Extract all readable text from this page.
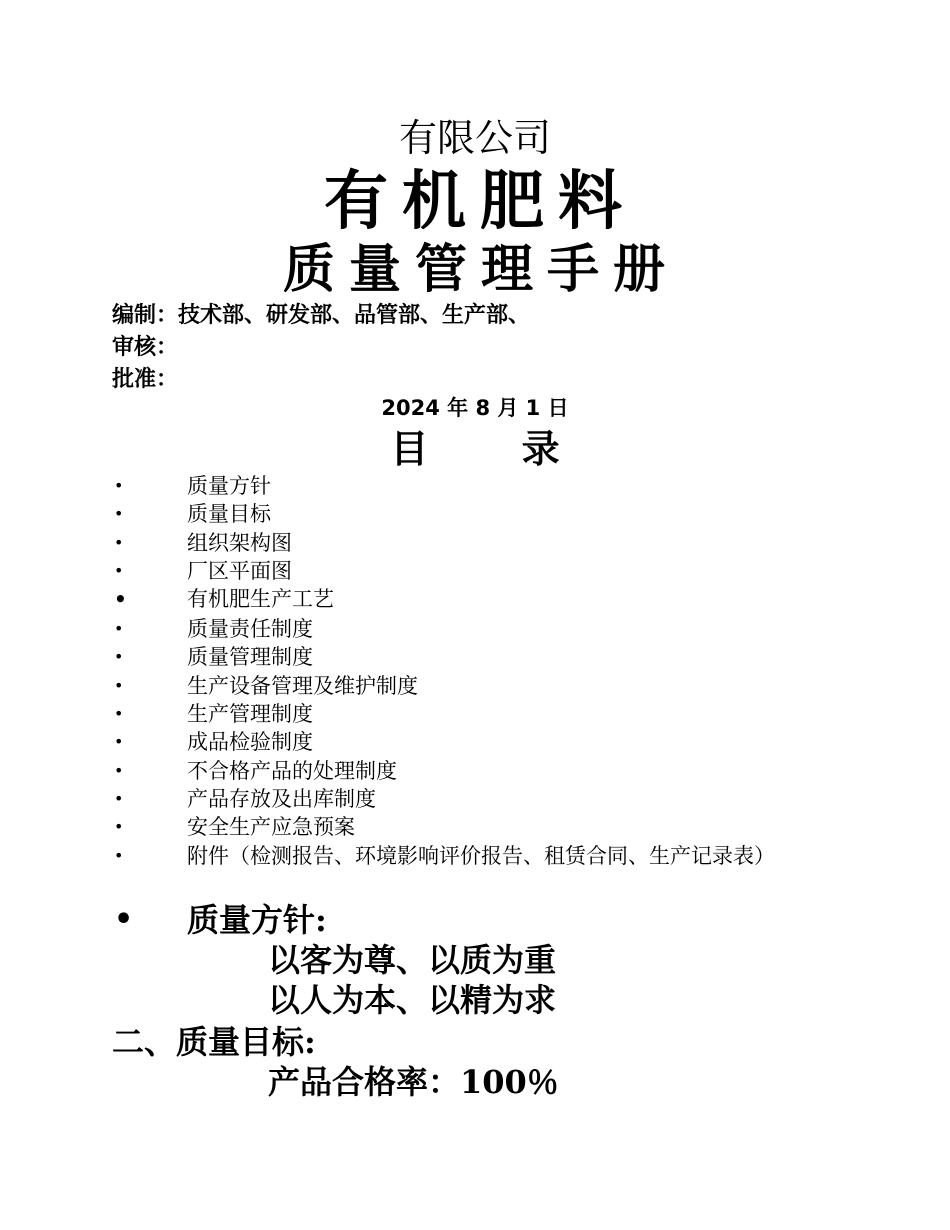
有限公司
有机肥料
质量管理手册
编制：技术部、研发部、品管部、生产部、
审核：
批准：
2024 年 8 月 1 日
目 录
•	质量方针
•	质量目标
•	组织架构图
•	厂区平面图
•	有机肥生产工艺
•	质量责任制度
•	质量管理制度
•	生产设备管理及维护制度
•	生产管理制度
•	成品检验制度
•	不合格产品的处理制度
•	产品存放及出库制度
•	安全生产应急预案
•	附件（检测报告、环境影响评价报告、租赁合同、生产记录表）
• 质量方针:
以客为尊、以质为重
以人为本、以精为求
二、质量目标:
产品合格率：100％
